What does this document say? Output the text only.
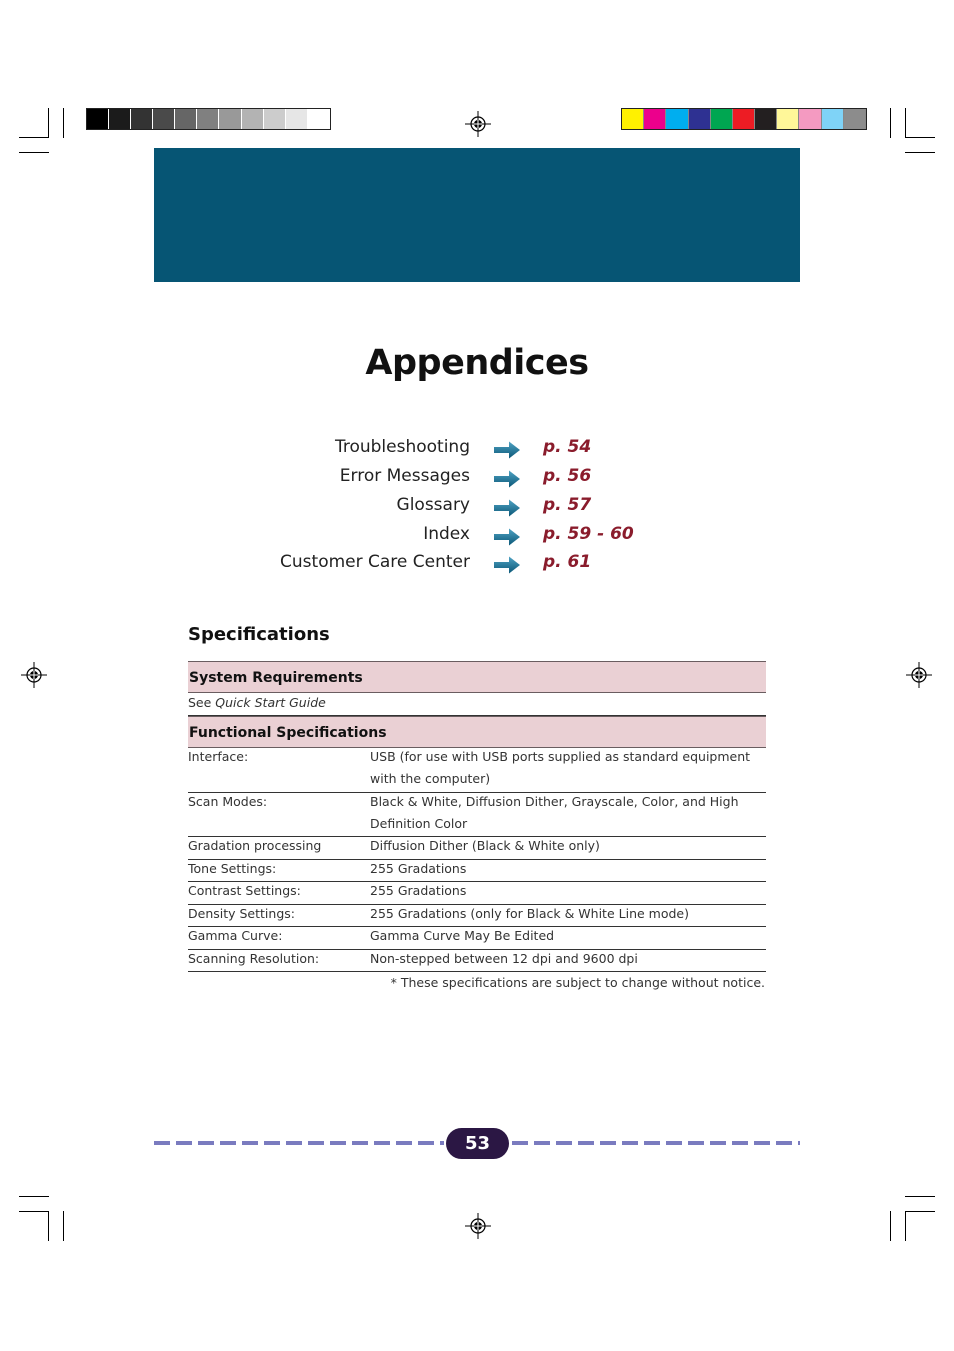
Appendices
Troubleshooting	p. 54
Error Messages	p. 56
Glossary	p. 57
Index	p. 59 - 60
Customer Care Center	p. 61
Specifications
System Requirements
See Quick Start Guide
Functional Specifications
Interface:	USB (for use with USB ports supplied as standard equipment with the computer)
Scan Modes:	Black & White, Diffusion Dither, Grayscale, Color, and High Definition Color
Gradation processing	Diffusion Dither (Black & White only)
Tone Settings:	255 Gradations
Contrast Settings:	255 Gradations
Density Settings:	255 Gradations (only for Black & White Line mode)
Gamma Curve:	Gamma Curve May Be Edited
Scanning Resolution:	Non-stepped between 12 dpi and 9600 dpi
* These specifications are subject to change without notice.
53
